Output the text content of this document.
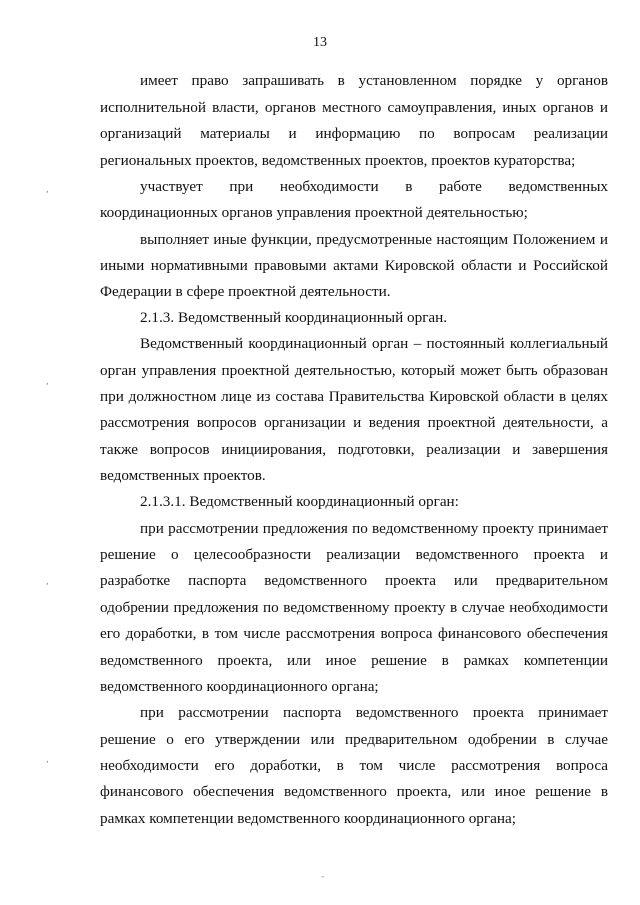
13

имеет право запрашивать в установленном порядке у органов исполнительной власти, органов местного самоуправления, иных органов и организаций материалы и информацию по вопросам реализации региональных проектов, ведомственных проектов, проектов кураторства;

участвует при необходимости в работе ведомственных координационных органов управления проектной деятельностью;

выполняет иные функции, предусмотренные настоящим Положением и иными нормативными правовыми актами Кировской области и Российской Федерации в сфере проектной деятельности.

2.1.3. Ведомственный координационный орган.

Ведомственный координационный орган – постоянный коллегиальный орган управления проектной деятельностью, который может быть образован при должностном лице из состава Правительства Кировской области в целях рассмотрения вопросов организации и ведения проектной деятельности, а также вопросов инициирования, подготовки, реализации и завершения ведомственных проектов.

2.1.3.1. Ведомственный координационный орган:

при рассмотрении предложения по ведомственному проекту принимает решение о целесообразности реализации ведомственного проекта и разработке паспорта ведомственного проекта или предварительном одобрении предложения по ведомственному проекту в случае необходимости его доработки, в том числе рассмотрения вопроса финансового обеспечения ведомственного проекта, или иное решение в рамках компетенции ведомственного координационного органа;

при рассмотрении паспорта ведомственного проекта принимает решение о его утверждении или предварительном одобрении в случае необходимости его доработки, в том числе рассмотрения вопроса финансового обеспечения ведомственного проекта, или иное решение в рамках компетенции ведомственного координационного органа;

,
,
,
,
-
